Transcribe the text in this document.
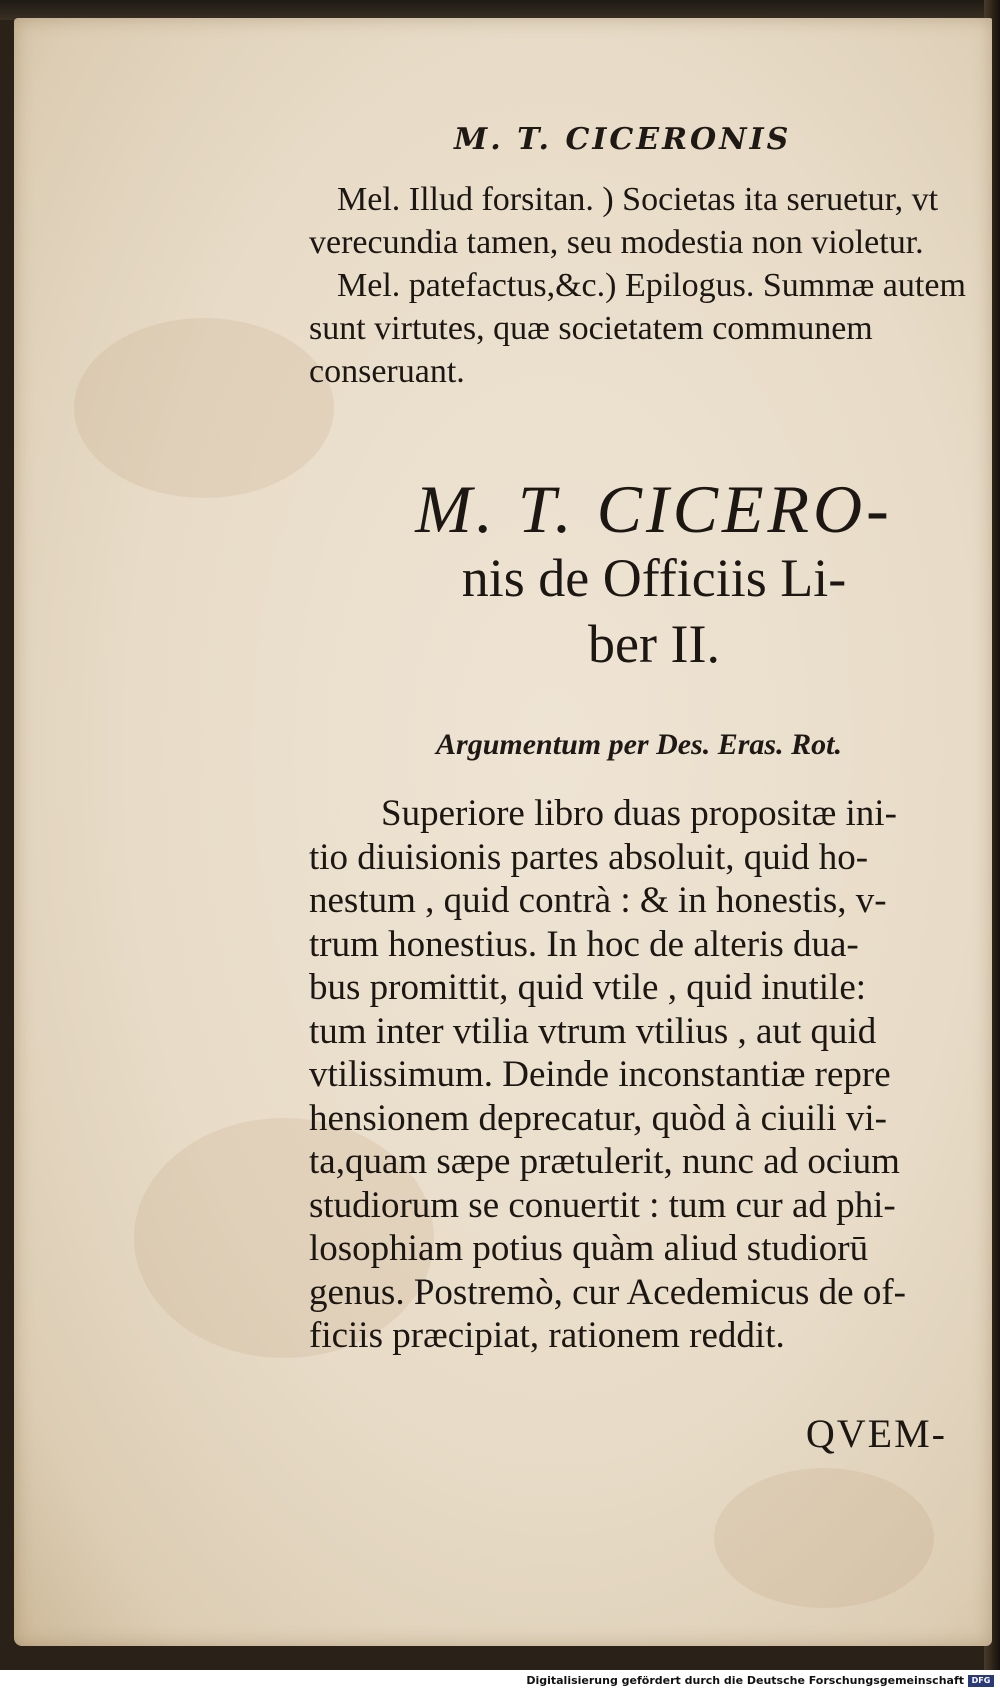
M. T. CICERONIS

Mel. Illud forsitan. ) Societas ita seruetur, vt verecundia tamen, seu modestia non violetur.

Mel. patefactus,&c.) Epilogus. Summæ autem sunt virtutes, quæ societatem communem conseruant.

M. T. CICERO-
nis de Officiis Li-
ber II.
Argumentum per Des. Eras. Rot.
Superiore libro duas propositæ ini-
tio diuisionis partes absoluit, quid ho-
nestum , quid contrà : & in honestis, v-
trum honestius. In hoc de alteris dua-
bus promittit, quid vtile , quid inutile:
tum inter vtilia vtrum vtilius , aut quid
vtilissimum. Deinde inconstantiæ repre
hensionem deprecatur, quòd à ciuili vi-
ta,quam sæpe prætulerit, nunc ad ocium
studiorum se conuertit : tum cur ad phi-
losophiam potius quàm aliud studiorū
genus. Postremò, cur Acedemicus de of-
ficiis præcipiat, rationem reddit.
QVEM-
Digitalisierung gefördert durch die Deutsche Forschungsgemeinschaft DFG
